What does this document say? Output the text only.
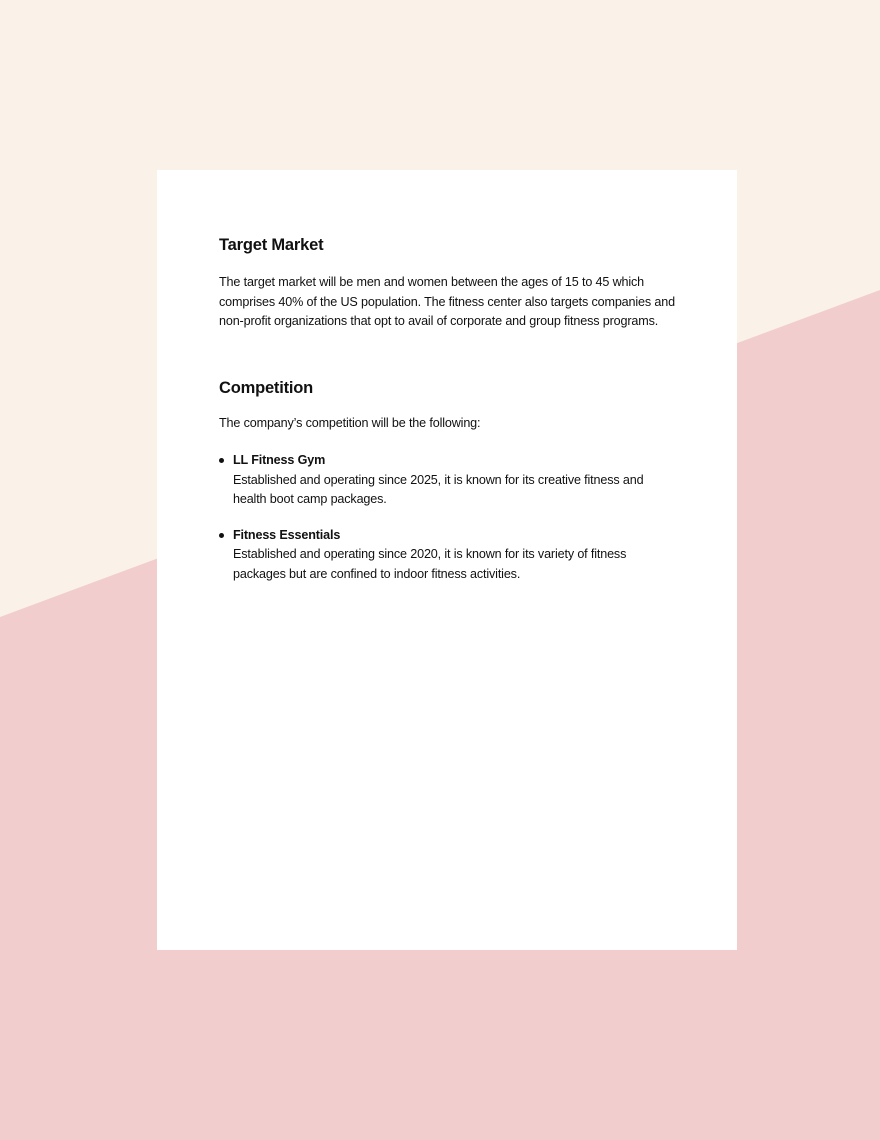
Target Market

The target market will be men and women between the ages of 15 to 45 which comprises 40% of the US population. The fitness center also targets companies and non-profit organizations that opt to avail of corporate and group fitness programs.

Competition

The company’s competition will be the following:

LL Fitness Gym

Established and operating since 2025, it is known for its creative fitness and health boot camp packages.

Fitness Essentials

Established and operating since 2020, it is known for its variety of fitness packages but are confined to indoor fitness activities.
